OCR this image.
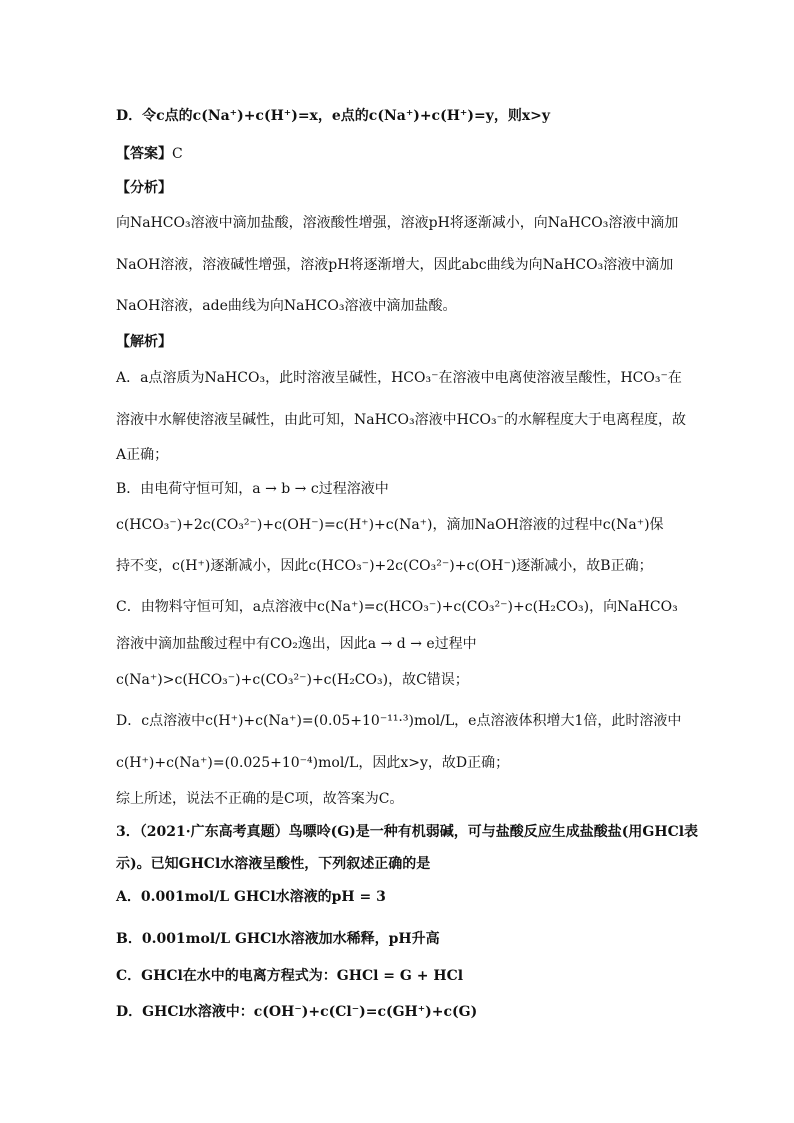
D．令c点的c(Na⁺)+c(H⁺)=x，e点的c(Na⁺)+c(H⁺)=y，则x>y
【答案】C
【分析】
向NaHCO₃溶液中滴加盐酸，溶液酸性增强，溶液pH将逐渐减小，向NaHCO₃溶液中滴加
NaOH溶液，溶液碱性增强，溶液pH将逐渐增大，因此abc曲线为向NaHCO₃溶液中滴加
NaOH溶液，ade曲线为向NaHCO₃溶液中滴加盐酸。
【解析】
A．a点溶质为NaHCO₃，此时溶液呈碱性，HCO₃⁻在溶液中电离使溶液呈酸性，HCO₃⁻在
溶液中水解使溶液呈碱性，由此可知，NaHCO₃溶液中HCO₃⁻的水解程度大于电离程度，故
A正确；
B．由电荷守恒可知，a → b → c过程溶液中
c(HCO₃⁻)+2c(CO₃²⁻)+c(OH⁻)=c(H⁺)+c(Na⁺)，滴加NaOH溶液的过程中c(Na⁺)保
持不变，c(H⁺)逐渐减小，因此c(HCO₃⁻)+2c(CO₃²⁻)+c(OH⁻)逐渐减小，故B正确；
C．由物料守恒可知，a点溶液中c(Na⁺)=c(HCO₃⁻)+c(CO₃²⁻)+c(H₂CO₃)，向NaHCO₃
溶液中滴加盐酸过程中有CO₂逸出，因此a → d → e过程中
c(Na⁺)>c(HCO₃⁻)+c(CO₃²⁻)+c(H₂CO₃)，故C错误；
D．c点溶液中c(H⁺)+c(Na⁺)=(0.05+10⁻¹¹·³)mol/L，e点溶液体积增大1倍，此时溶液中
c(H⁺)+c(Na⁺)=(0.025+10⁻⁴)mol/L，因此x>y，故D正确；
综上所述，说法不正确的是C项，故答案为C。
3．（2021·广东高考真题）鸟嘌呤(G)是一种有机弱碱，可与盐酸反应生成盐酸盐(用GHCl表
示)。已知GHCl水溶液呈酸性，下列叙述正确的是
A．0.001mol/L GHCl水溶液的pH = 3
B．0.001mol/L GHCl水溶液加水稀释，pH升高
C．GHCl在水中的电离方程式为：GHCl = G + HCl
D．GHCl水溶液中：c(OH⁻)+c(Cl⁻)=c(GH⁺)+c(G)
